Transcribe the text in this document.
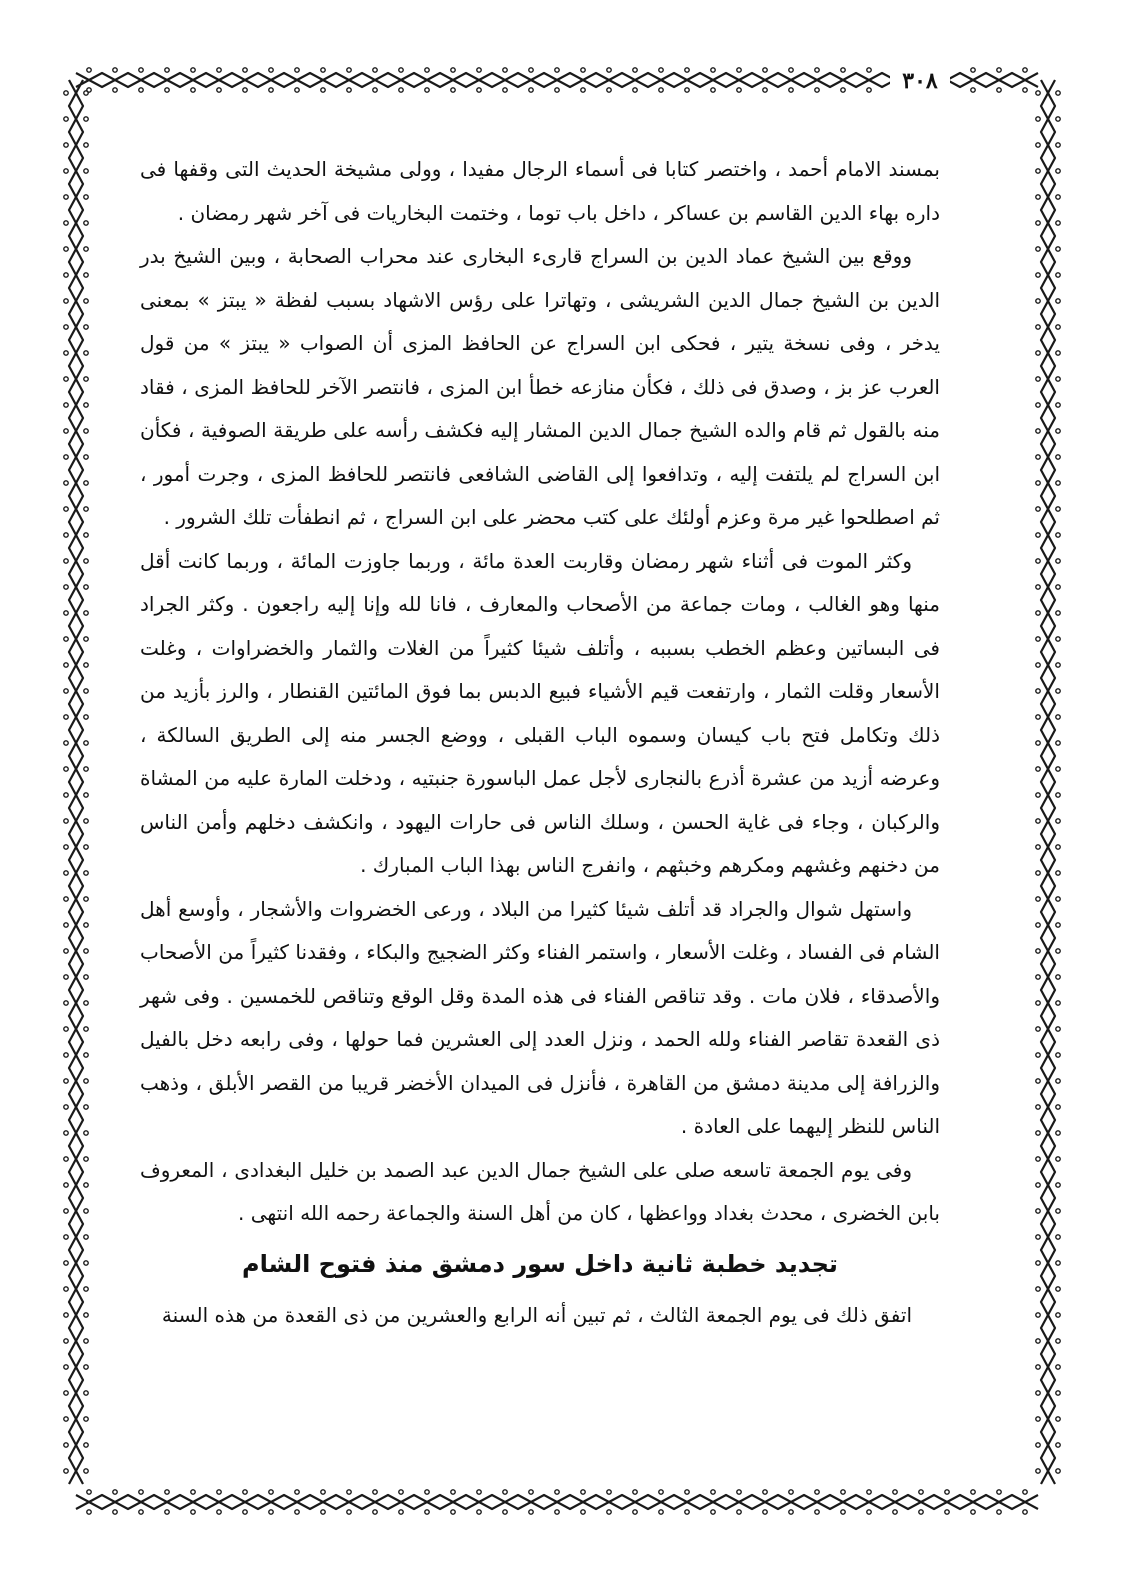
٣٠٨

بمسند الامام أحمد ، واختصر كتابا فى أسماء الرجال مفيدا ، وولى مشيخة الحديث التى وقفها فى داره بهاء الدين القاسم بن عساكر ، داخل باب توما ، وختمت البخاريات فى آخر شهر رمضان .

ووقع بين الشيخ عماد الدين بن السراج قارىء البخارى عند محراب الصحابة ، وبين الشيخ بدر الدين بن الشيخ جمال الدين الشريشى ، وتهاترا على رؤس الاشهاد بسبب لفظة « يبتز » بمعنى يدخر ، وفى نسخة يتير ، فحكى ابن السراج عن الحافظ المزى أن الصواب « يبتز » من قول العرب عز بز ، وصدق فى ذلك ، فكأن منازعه خطأ ابن المزى ، فانتصر الآخر للحافظ المزى ، فقاد منه بالقول ثم قام والده الشيخ جمال الدين المشار إليه فكشف رأسه على طريقة الصوفية ، فكأن ابن السراج لم يلتفت إليه ، وتدافعوا إلى القاضى الشافعى فانتصر للحافظ المزى ، وجرت أمور ، ثم اصطلحوا غير مرة وعزم أولئك على كتب محضر على ابن السراج ، ثم انطفأت تلك الشرور .

وكثر الموت فى أثناء شهر رمضان وقاربت العدة مائة ، وربما جاوزت المائة ، وربما كانت أقل منها وهو الغالب ، ومات جماعة من الأصحاب والمعارف ، فانا لله وإنا إليه راجعون . وكثر الجراد فى البساتين وعظم الخطب بسببه ، وأتلف شيئا كثيراً من الغلات والثمار والخضراوات ، وغلت الأسعار وقلت الثمار ، وارتفعت قيم الأشياء فبيع الدبس بما فوق المائتين القنطار ، والرز بأزيد من ذلك وتكامل فتح باب كيسان وسموه الباب القبلى ، ووضع الجسر منه إلى الطريق السالكة ، وعرضه أزيد من عشرة أذرع بالنجارى لأجل عمل الباسورة جنبتيه ، ودخلت المارة عليه من المشاة والركبان ، وجاء فى غاية الحسن ، وسلك الناس فى حارات اليهود ، وانكشف دخلهم وأمن الناس من دخنهم وغشهم ومكرهم وخبثهم ، وانفرج الناس بهذا الباب المبارك .

واستهل شوال والجراد قد أتلف شيئا كثيرا من البلاد ، ورعى الخضروات والأشجار ، وأوسع أهل الشام فى الفساد ، وغلت الأسعار ، واستمر الفناء وكثر الضجيج والبكاء ، وفقدنا كثيراً من الأصحاب والأصدقاء ، فلان مات . وقد تناقص الفناء فى هذه المدة وقل الوقع وتناقص للخمسين . وفى شهر ذى القعدة تقاصر الفناء ولله الحمد ، ونزل العدد إلى العشرين فما حولها ، وفى رابعه دخل بالفيل والزرافة إلى مدينة دمشق من القاهرة ، فأنزل فى الميدان الأخضر قريبا من القصر الأبلق ، وذهب الناس للنظر إليهما على العادة .

وفى يوم الجمعة تاسعه صلى على الشيخ جمال الدين عبد الصمد بن خليل البغدادى ، المعروف بابن الخضرى ، محدث بغداد وواعظها ، كان من أهل السنة والجماعة رحمه الله انتهى .

تجديد خطبة ثانية داخل سور دمشق منذ فتوح الشام

اتفق ذلك فى يوم الجمعة الثالث ، ثم تبين أنه الرابع والعشرين من ذى القعدة من هذه السنة
